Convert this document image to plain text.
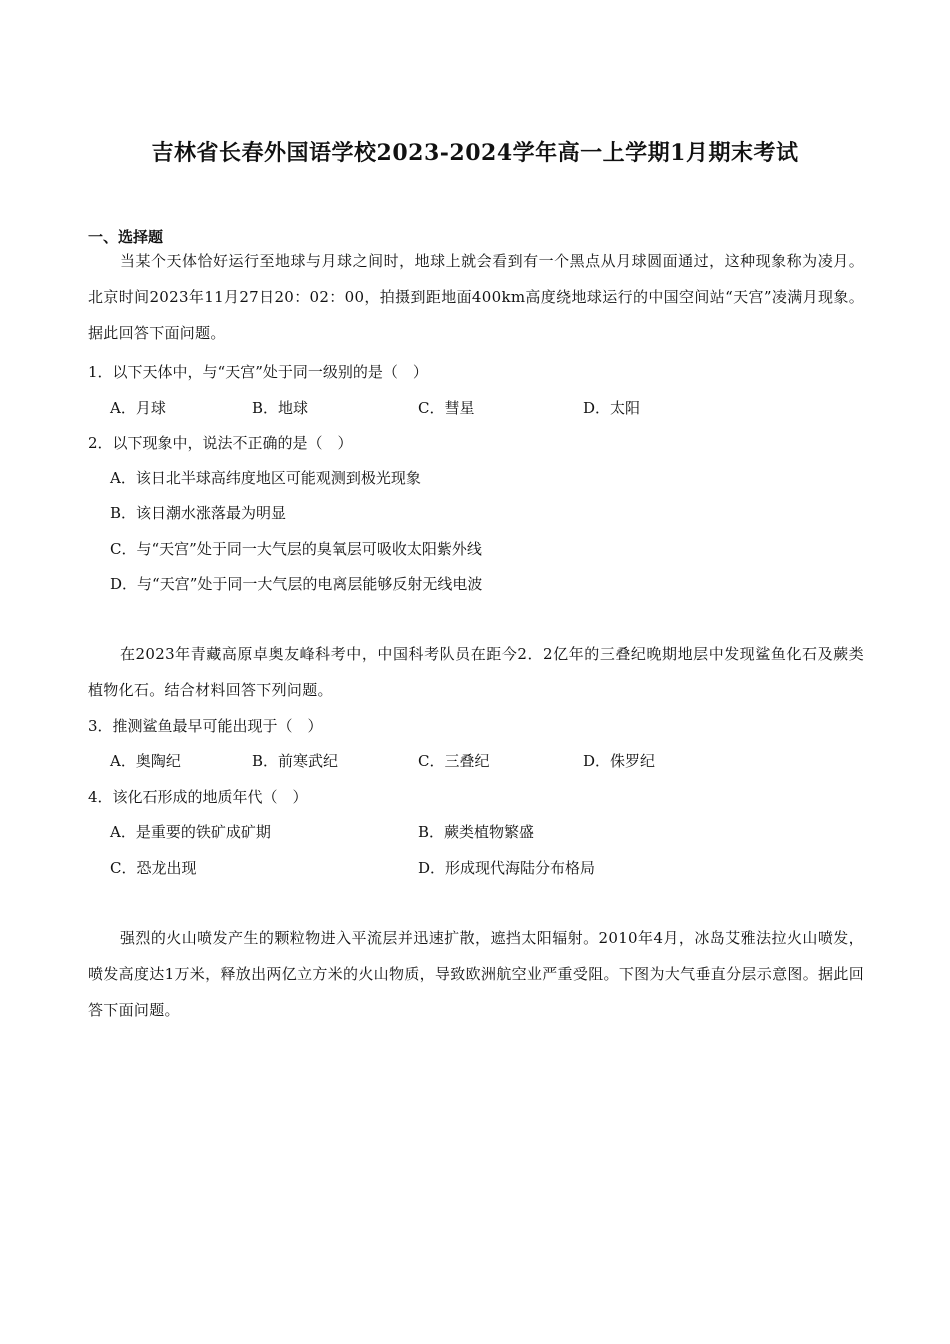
吉林省长春外国语学校2023-2024学年高一上学期1月期末考试
一、选择题
当某个天体恰好运行至地球与月球之间时，地球上就会看到有一个黑点从月球圆面通过，这种现象称为凌月。北京时间2023年11月27日20：02：00，拍摄到距地面400km高度绕地球运行的中国空间站“天宫”凌满月现象。据此回答下面问题。
1．以下天体中，与“天宫”处于同一级别的是（　）
A．月球	B．地球	C．彗星	D．太阳
2．以下现象中，说法不正确的是（　）
A．该日北半球高纬度地区可能观测到极光现象
B．该日潮水涨落最为明显
C．与“天宫”处于同一大气层的臭氧层可吸收太阳紫外线
D．与“天宫”处于同一大气层的电离层能够反射无线电波
在2023年青藏高原卓奥友峰科考中，中国科考队员在距今2．2亿年的三叠纪晚期地层中发现鲨鱼化石及蕨类植物化石。结合材料回答下列问题。
3．推测鲨鱼最早可能出现于（　）
A．奥陶纪	B．前寒武纪	C．三叠纪	D．侏罗纪
4．该化石形成的地质年代（　）
A．是重要的铁矿成矿期	B．蕨类植物繁盛
C．恐龙出现	D．形成现代海陆分布格局
强烈的火山喷发产生的颗粒物进入平流层并迅速扩散，遮挡太阳辐射。2010年4月，冰岛艾雅法拉火山喷发，喷发高度达1万米，释放出两亿立方米的火山物质，导致欧洲航空业严重受阻。下图为大气垂直分层示意图。据此回答下面问题。
